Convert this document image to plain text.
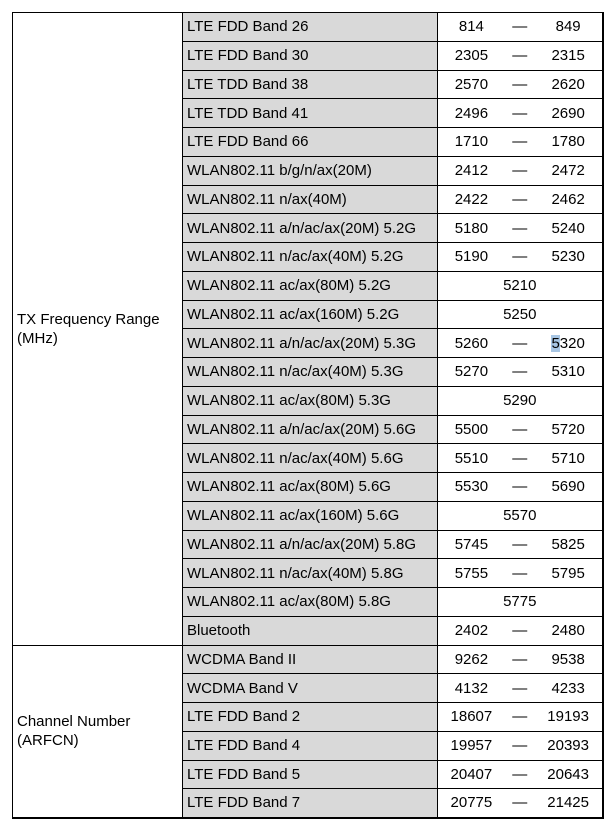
TX Frequency Range
(MHz)
	LTE FDD Band 26	814	—	849

	LTE FDD Band 30	2305 — 2315

	LTE TDD Band 38	2570 — 2620

	LTE TDD Band 41	2496 — 2690

	LTE FDD Band 66	1710 — 1780

	WLAN802.11 b/g/n/ax(20M)	2412 — 2472

	WLAN802.11 n/ax(40M)	2422 — 2462

	WLAN802.11 a/n/ac/ax(20M) 5.2G	5180 — 5240

	WLAN802.11 n/ac/ax(40M) 5.2G	5190 — 5230

	WLAN802.11 ac/ax(80M) 5.2G	5210

	WLAN802.11 ac/ax(160M) 5.2G	5250

	WLAN802.11 a/n/ac/ax(20M) 5.3G	5260 — 5320

	WLAN802.11 n/ac/ax(40M) 5.3G	5270 — 5310

	WLAN802.11 ac/ax(80M) 5.3G	5290

	WLAN802.11 a/n/ac/ax(20M) 5.6G	5500 — 5720

	WLAN802.11 n/ac/ax(40M) 5.6G	5510 — 5710

	WLAN802.11 ac/ax(80M) 5.6G	5530 — 5690

	WLAN802.11 ac/ax(160M) 5.6G	5570

	WLAN802.11 a/n/ac/ax(20M) 5.8G	5745 — 5825

	WLAN802.11 n/ac/ax(40M) 5.8G	5755 — 5795

	WLAN802.11 ac/ax(80M) 5.8G	5775

	Bluetooth	2402 — 2480

Channel Number
(ARFCN)
	WCDMA Band II	9262	—	9538

	WCDMA Band V	4132 — 4233

	LTE FDD Band 2	18607 — 19193

	LTE FDD Band 4	19957 — 20393

	LTE FDD Band 5	20407 — 20643

	LTE FDD Band 7	20775 — 21425
